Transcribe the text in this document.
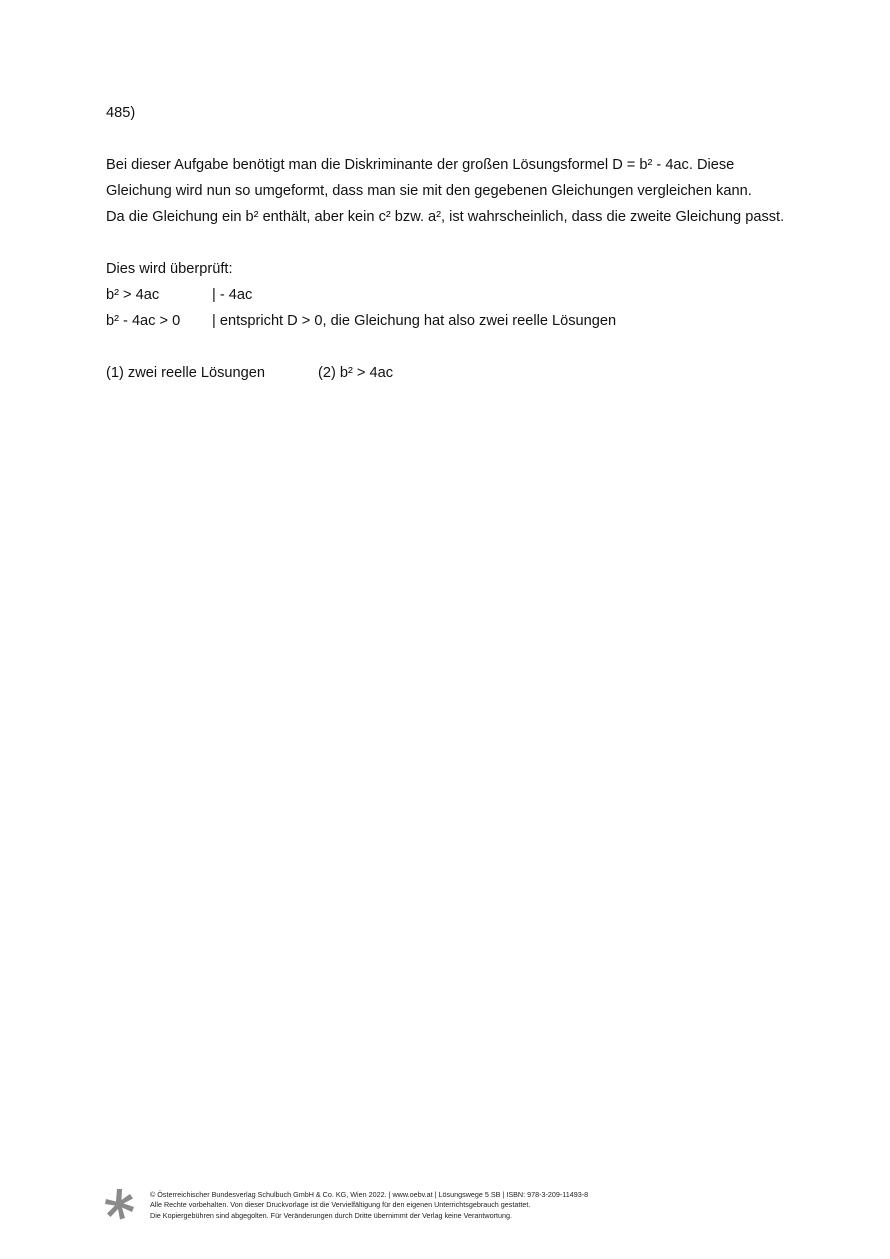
485)
Bei dieser Aufgabe benötigt man die Diskriminante der großen Lösungsformel D = b² - 4ac. Diese
Gleichung wird nun so umgeformt, dass man sie mit den gegebenen Gleichungen vergleichen kann.
Da die Gleichung ein b² enthält, aber kein c² bzw. a², ist wahrscheinlich, dass die zweite Gleichung passt.
Dies wird überprüft:
b² > 4ac	| - 4ac
b² - 4ac > 0	| entspricht D > 0, die Gleichung hat also zwei reelle Lösungen
(1) zwei reelle Lösungen	(2) b² > 4ac
© Österreichischer Bundesverlag Schulbuch GmbH & Co. KG, Wien 2022. | www.oebv.at | Lösungswege 5 SB | ISBN: 978-3-209-11493-8
Alle Rechte vorbehalten. Von dieser Druckvorlage ist die Vervielfältigung für den eigenen Unterrichtsgebrauch gestattet.
Die Kopiergebühren sind abgegolten. Für Veränderungen durch Dritte übernimmt der Verlag keine Verantwortung.
